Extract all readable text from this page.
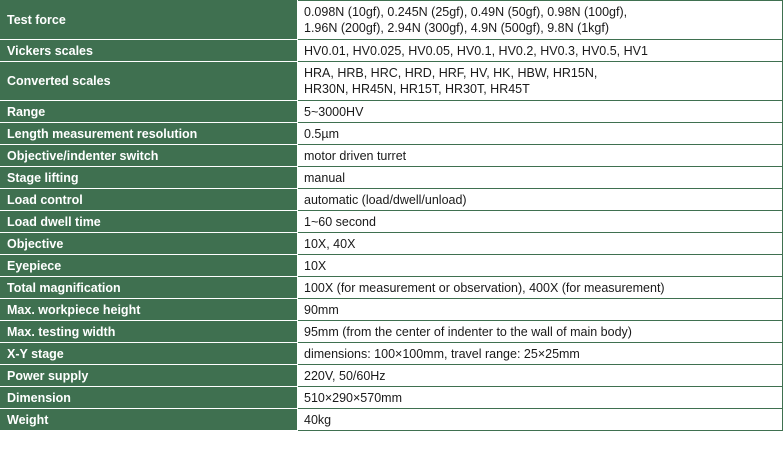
Test force	0.098N (10gf), 0.245N (25gf), 0.49N (50gf), 0.98N (100gf),
1.96N (200gf), 2.94N (300gf), 4.9N (500gf), 9.8N (1kgf)

Vickers scales	HV0.01, HV0.025, HV0.05, HV0.1, HV0.2, HV0.3, HV0.5, HV1

Converted scales	HRA, HRB, HRC, HRD, HRF, HV, HK, HBW, HR15N,
HR30N, HR45N, HR15T, HR30T, HR45T

Range	5~3000HV

Length measurement resolution	0.5µm

Objective/indenter switch	motor driven turret

Stage lifting	manual

Load control	automatic (load/dwell/unload)

Load dwell time	1~60 second

Objective	10X, 40X

Eyepiece	10X

Total magnification	100X (for measurement or observation), 400X (for measurement)

Max. workpiece height	90mm

Max. testing width	95mm (from the center of indenter to the wall of main body)

X-Y stage	dimensions: 100×100mm, travel range: 25×25mm

Power supply	220V, 50/60Hz

Dimension	510×290×570mm

Weight	40kg
